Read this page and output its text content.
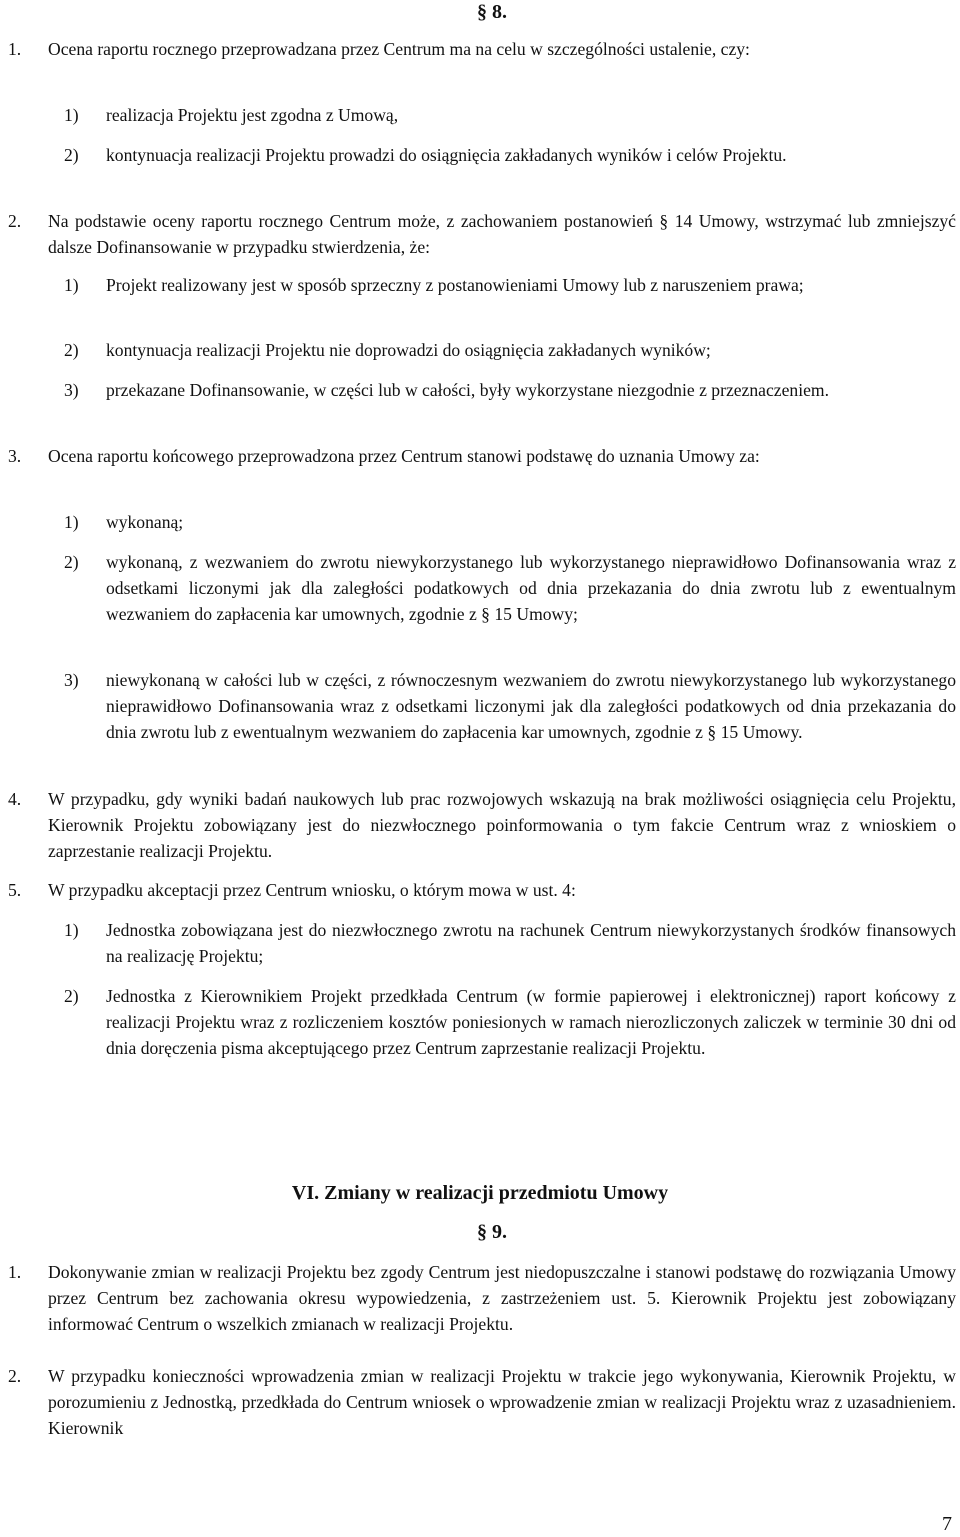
§ 8.
1. Ocena raportu rocznego przeprowadzana przez Centrum ma na celu w szczególności ustalenie, czy:
1) realizacja Projektu jest zgodna z Umową,
2) kontynuacja realizacji Projektu prowadzi do osiągnięcia zakładanych wyników i celów Projektu.
2. Na podstawie oceny raportu rocznego Centrum może, z zachowaniem postanowień § 14 Umowy, wstrzymać lub zmniejszyć dalsze Dofinansowanie w przypadku stwierdzenia, że:
1) Projekt realizowany jest w sposób sprzeczny z postanowieniami Umowy lub z naruszeniem prawa;
2) kontynuacja realizacji Projektu nie doprowadzi do osiągnięcia zakładanych wyników;
3) przekazane Dofinansowanie, w części lub w całości, były wykorzystane niezgodnie z przeznaczeniem.
3. Ocena raportu końcowego przeprowadzona przez Centrum stanowi podstawę do uznania Umowy za:
1) wykonaną;
2) wykonaną, z wezwaniem do zwrotu niewykorzystanego lub wykorzystanego nieprawidłowo Dofinansowania wraz z odsetkami liczonymi jak dla zaległości podatkowych od dnia przekazania do dnia zwrotu lub z ewentualnym wezwaniem do zapłacenia kar umownych, zgodnie z § 15 Umowy;
3) niewykonaną w całości lub w części, z równoczesnym wezwaniem do zwrotu niewykorzystanego lub wykorzystanego nieprawidłowo Dofinansowania wraz z odsetkami liczonymi jak dla zaległości podatkowych od dnia przekazania do dnia zwrotu lub z ewentualnym wezwaniem do zapłacenia kar umownych, zgodnie z § 15 Umowy.
4. W przypadku, gdy wyniki badań naukowych lub prac rozwojowych wskazują na brak możliwości osiągnięcia celu Projektu, Kierownik Projektu zobowiązany jest do niezwłocznego poinformowania o tym fakcie Centrum wraz z wnioskiem o zaprzestanie realizacji Projektu.
5. W przypadku akceptacji przez Centrum wniosku, o którym mowa w ust. 4:
1) Jednostka zobowiązana jest do niezwłocznego zwrotu na rachunek Centrum niewykorzystanych środków finansowych na realizację Projektu;
2) Jednostka z Kierownikiem Projekt przedkłada Centrum (w formie papierowej i elektronicznej) raport końcowy z realizacji Projektu wraz z rozliczeniem kosztów poniesionych w ramach nierozliczonych zaliczek w terminie 30 dni od dnia doręczenia pisma akceptującego przez Centrum zaprzestanie realizacji Projektu.
VI. Zmiany w realizacji przedmiotu Umowy
§ 9.
1. Dokonywanie zmian w realizacji Projektu bez zgody Centrum jest niedopuszczalne i stanowi podstawę do rozwiązania Umowy przez Centrum bez zachowania okresu wypowiedzenia, z zastrzeżeniem ust. 5. Kierownik Projektu jest zobowiązany informować Centrum o wszelkich zmianach w realizacji Projektu.
2. W przypadku konieczności wprowadzenia zmian w realizacji Projektu w trakcie jego wykonywania, Kierownik Projektu, w porozumieniu z Jednostką, przedkłada do Centrum wniosek o wprowadzenie zmian w realizacji Projektu wraz z uzasadnieniem. Kierownik
7
